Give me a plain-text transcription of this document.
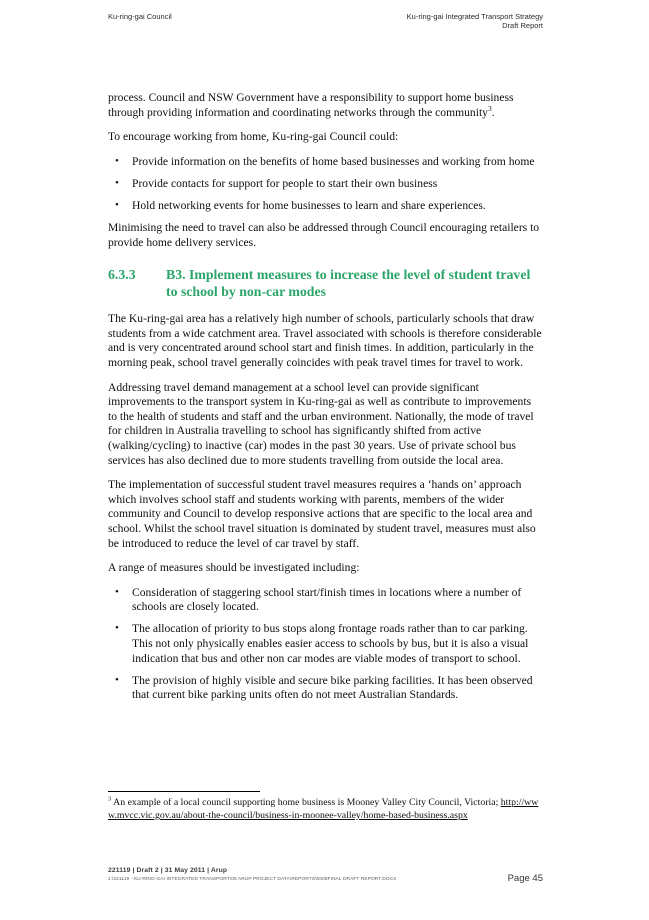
Ku-ring-gai Council	Ku-ring-gai Integrated Transport Strategy
Draft Report

process. Council and NSW Government have a responsibility to support home business through providing information and coordinating networks through the community$^3$.

To encourage working from home, Ku-ring-gai Council could:

• Provide information on the benefits of home based businesses and working from home
• Provide contacts for support for people to start their own business
• Hold networking events for home businesses to learn and share experiences.

Minimising the need to travel can also be addressed through Council encouraging retailers to provide home delivery services.

6.3.3	B3. Implement measures to increase the level of student travel to school by non-car modes

The Ku-ring-gai area has a relatively high number of schools, particularly schools that draw students from a wide catchment area. Travel associated with schools is therefore considerable and is very concentrated around school start and finish times. In addition, particularly in the morning peak, school travel generally coincides with peak travel times for travel to work.

Addressing travel demand management at a school level can provide significant improvements to the transport system in Ku-ring-gai as well as contribute to improvements to the health of students and staff and the urban environment. Nationally, the mode of travel for children in Australia travelling to school has significantly shifted from active (walking/cycling) to inactive (car) modes in the past 30 years. Use of private school bus services has also declined due to more students travelling from outside the local area.

The implementation of successful student travel measures requires a ‘hands on’ approach which involves school staff and students working with parents, members of the wider community and Council to develop responsive actions that are specific to the local area and school. Whilst the school travel situation is dominated by student travel, measures must also be introduced to reduce the level of car travel by staff.

A range of measures should be investigated including:

• Consideration of staggering school start/finish times in locations where a number of schools are closely located.
• The allocation of priority to bus stops along frontage roads rather than to car parking. This not only physically enables easier access to schools by bus, but it is also a visual indication that bus and other non car modes are viable modes of transport to school.
• The provision of highly visible and secure bike parking facilities. It has been observed that current bike parking units often do not meet Australian Standards.
$^3$ An example of a local council supporting home business is Mooney Valley City Council, Victoria; http://www.mvcc.vic.gov.au/about-the-council/business-in-moonee-valley/home-based-business.aspx
221119 | Draft 2 | 31 May 2011 | Arup
J:\221119 - KU-RING-GAI INTEGRATED TRANSPORT\05 ARUP PROJECT DATA\REPORTS\0008FINAL DRAFT REPORT.DOCX	Page 45
